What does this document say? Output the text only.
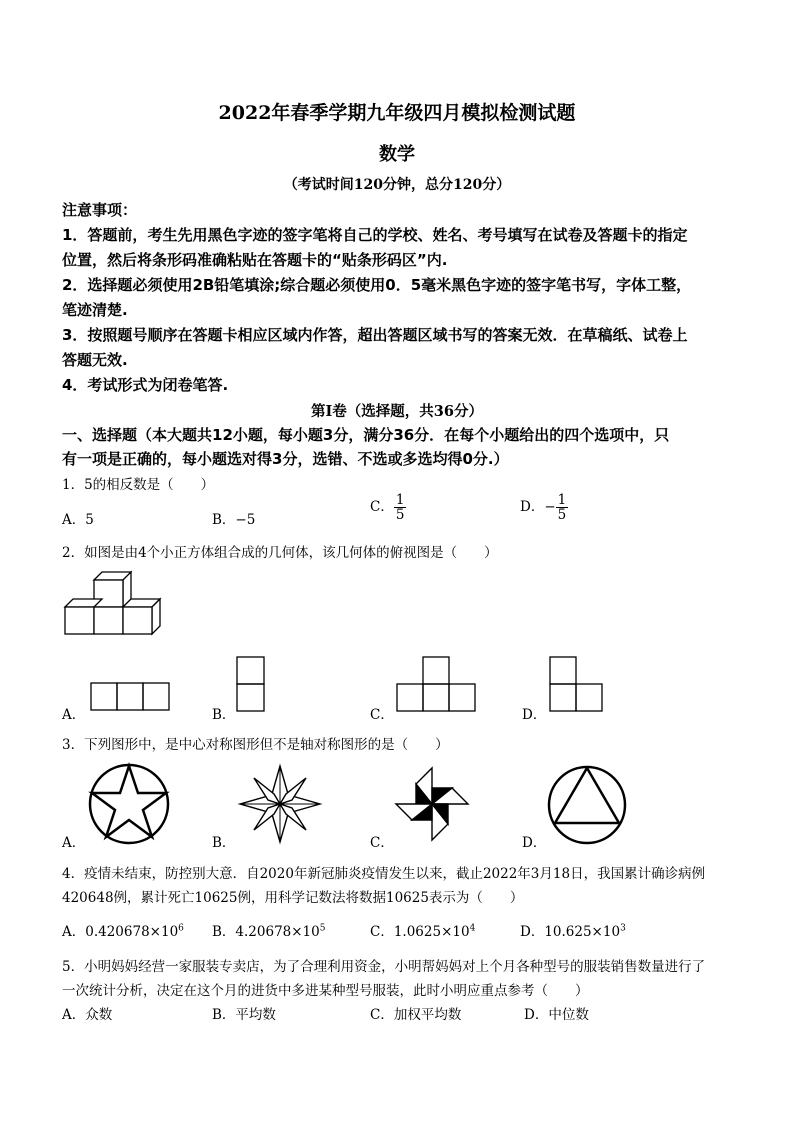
2022年春季学期九年级四月模拟检测试题
数学
（考试时间120分钟，总分120分）
注意事项：
1．答题前，考生先用黑色字迹的签字笔将自己的学校、姓名、考号填写在试卷及答题卡的指定
位置，然后将条形码准确粘贴在答题卡的“贴条形码区”内.
2．选择题必须使用2B铅笔填涂;综合题必须使用0．5毫米黑色字迹的签字笔书写，字体工整，
笔迹清楚.
3．按照题号顺序在答题卡相应区域内作答，超出答题区域书写的答案无效．在草稿纸、试卷上
答题无效.
4．考试形式为闭卷笔答.
第Ⅰ卷（选择题，共36分）
一、选择题（本大题共12小题，每小题3分，满分36分．在每个小题给出的四个选项中，只
有一项是正确的，每小题选对得3分，选错、不选或多选均得0分.）
1．5的相反数是（　　）
A．5	B．−5
C． $\frac{1}{5}$	D．− $\frac{1}{5}$
2．如图是由4个小正方体组合成的几何体，该几何体的俯视图是（　　）
A．	B．	C．	D．
3．下列图形中，是中心对称图形但不是轴对称图形的是（　　）
A．	B．	C．	D．
4．疫情未结束，防控别大意．自2020年新冠肺炎疫情发生以来，截止2022年3月18日，我国累计确诊病例
420648例，累计死亡10625例，用科学记数法将数据10625表示为（　　）
A．$0.420678\times 10^6$ B．$4.20678\times 10^5$	C．$1.0625\times 10^4$	D．$10.625\times 10^3$
5．小明妈妈经营一家服装专卖店，为了合理利用资金，小明帮妈妈对上个月各种型号的服装销售数量进行了
一次统计分析，决定在这个月的进货中多进某种型号服装，此时小明应重点参考（　　）
A．众数	B．平均数	C．加权平均数	D．中位数
